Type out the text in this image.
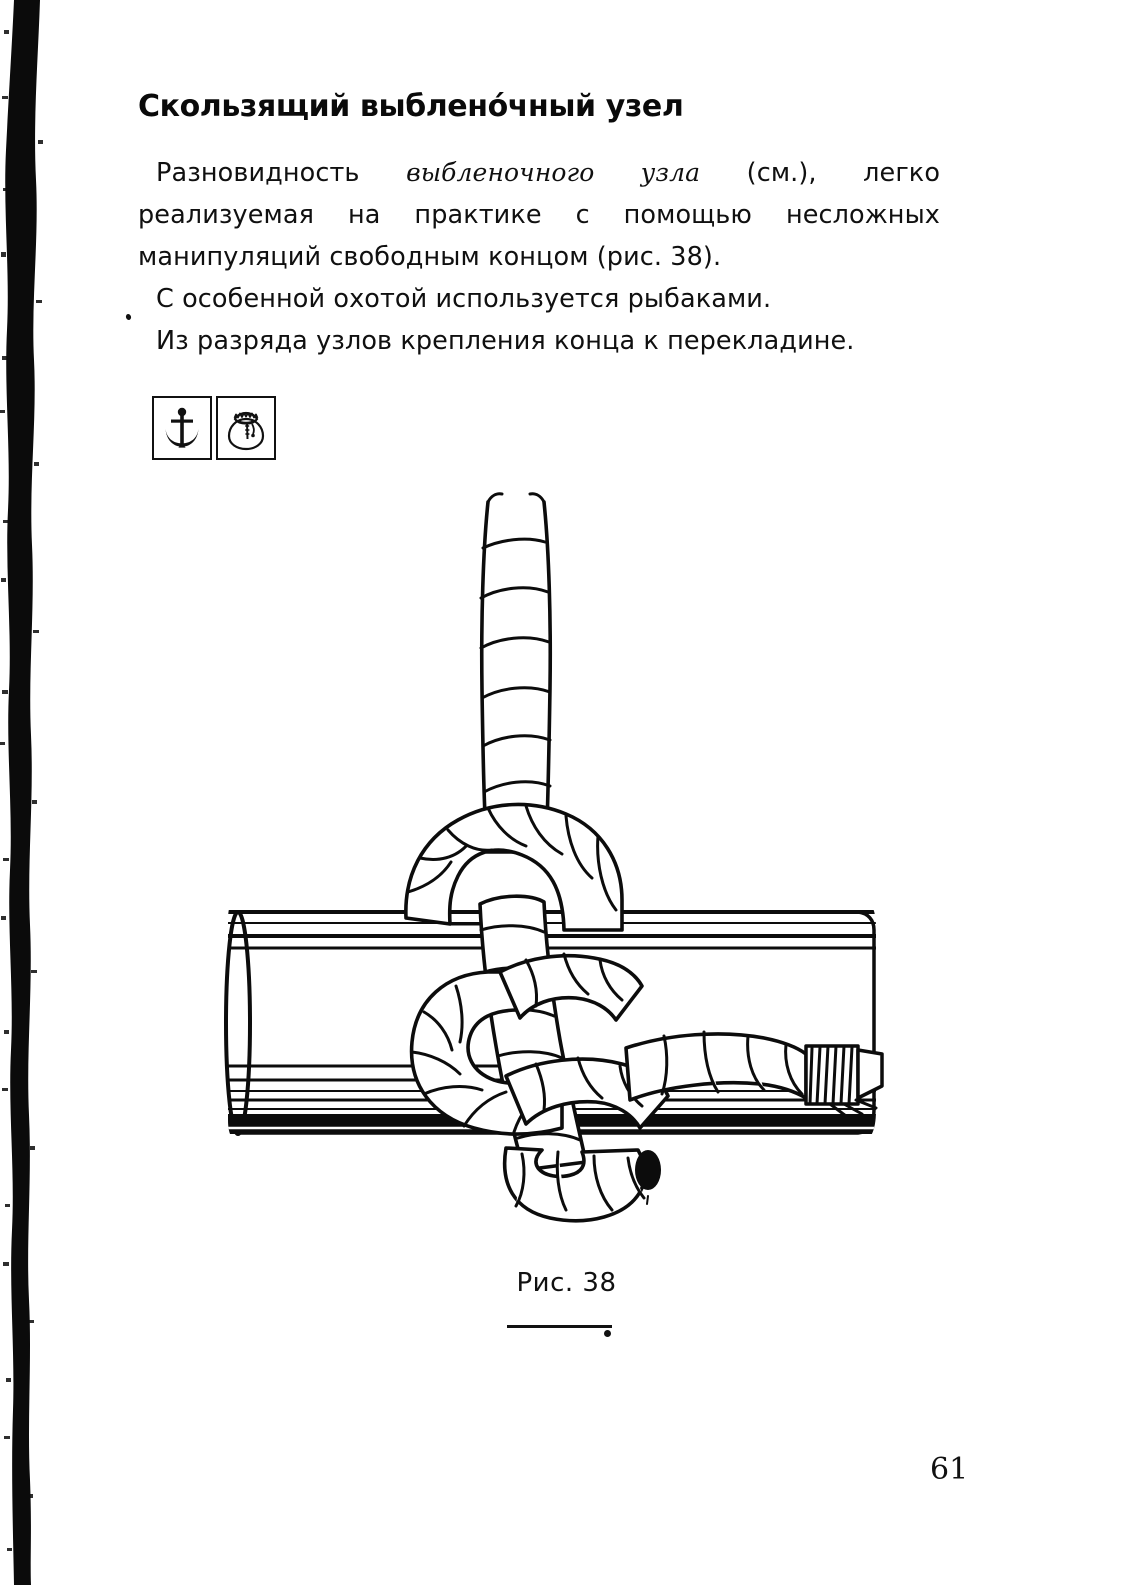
Скользящий выблено́чный узел

Разновидность выбленочного узла (см.), легко реализуемая на практике с помощью несложных манипуляций свободным концом (рис. 38).

С особенной охотой используется рыбаками.

Из разряда узлов крепления конца к перекладине.

Рис. 38
61
